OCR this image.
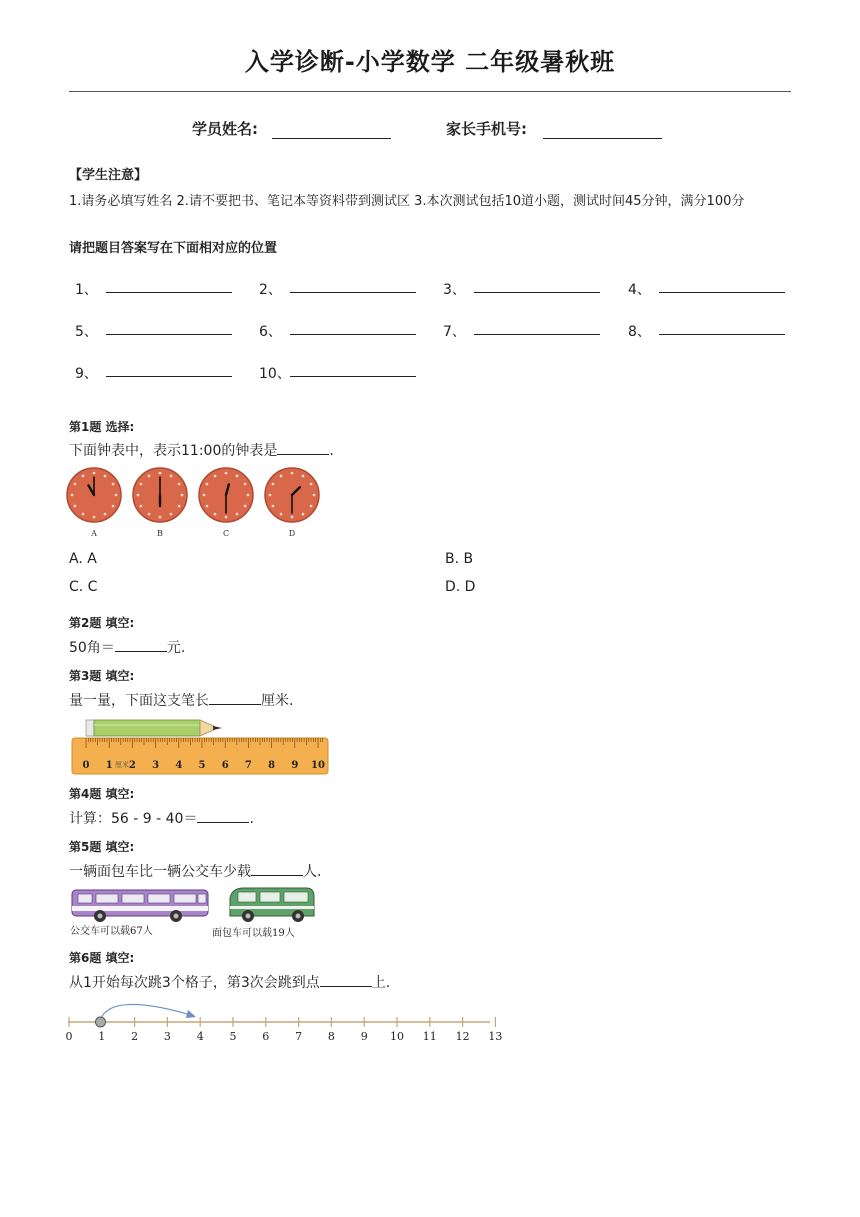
入学诊断-小学数学 二年级暑秋班
学员姓名:	家长手机号:
【学生注意】
1.请务必填写姓名 2.请不要把书、笔记本等资料带到测试区 3.本次测试包括10道小题，测试时间45分钟，满分100分
请把题目答案写在下面相对应的位置
1、	2、	3、	4、
5、	6、	7、	8、
9、	10、
第1题 选择:
下面钟表中，表示11:00的钟表是	.
A	B	C	D
A. A	B. B
C. C	D. D
第2题 填空:
50角＝	元.
第3题 填空:
量一量，下面这支笔长	厘米.
0 1 2 3 4 5 6 7 8 9 10
厘米
第4题 填空:
计算：56 - 9 - 40＝	.
第5题 填空:
一辆面包车比一辆公交车少载	人.
公交车可以载67人	面包车可以载19人
第6题 填空:
从1开始每次跳3个格子，第3次会跳到点	上.
0 1 2 3 4 5 6 7 8 9 10 11 12 13
